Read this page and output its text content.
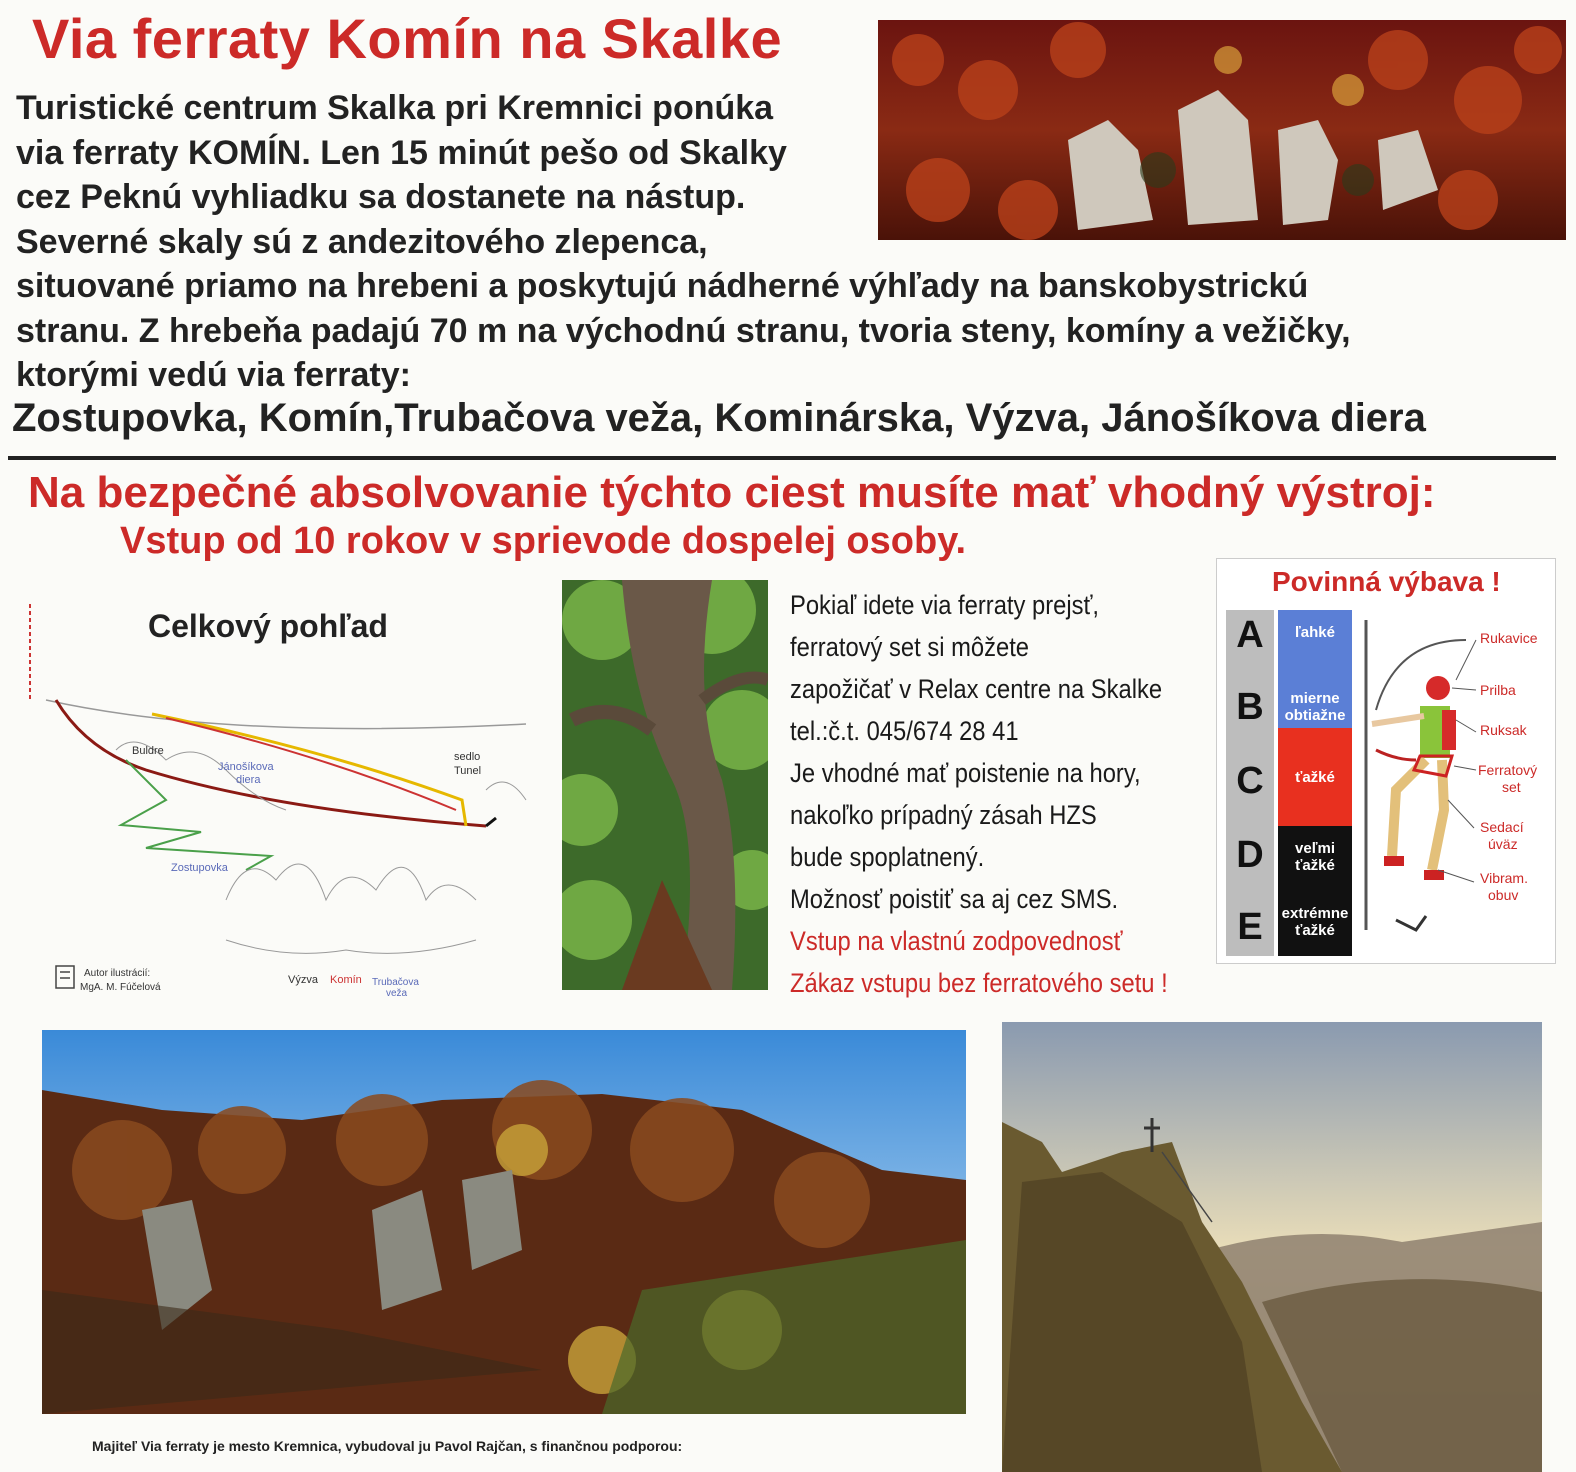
Via ferraty Komín na Skalke
Turistické centrum Skalka pri Kremnici ponúka
via ferraty KOMÍN. Len 15 minút pešo od Skalky
cez Peknú vyhliadku sa dostanete na nástup.
Severné skaly sú z andezitového zlepenca,
situované priamo na hrebeni a poskytujú nádherné výhľady na banskobystrickú
stranu. Z hrebeňa padajú 70 m na východnú stranu, tvoria steny, komíny a vežičky,
ktorými vedú via ferraty:
Zostupovka, Komín,Trubačova veža, Kominárska, Výzva, Jánošíkova diera
Na bezpečné absolvovanie týchto ciest musíte mať vhodný výstroj:
Vstup od 10 rokov v sprievode dospelej osoby.
Celkový pohľad
Buldre
Jánošíkova
diera
sedlo
Tunel
Zostupovka
Výzva Komín Trubačova
veža
Autor ilustrácií:
MgA. M. Fúčelová
Pokiaľ idete via ferraty prejsť,
ferratový set si môžete
zapožičať v Relax centre na Skalke
tel.:č.t. 045/674 28 41
Je vhodné mať poistenie na hory,
nakoľko prípadný zásah HZS
bude spoplatnený.
Možnosť poistiť sa aj cez SMS.
Vstup na vlastnú zodpovednosť
Zákaz vstupu bez ferratového setu !
Povinná výbava !
A
B
C
D
E
ľahké
mierne obtiažne
ťažké
veľmi ťažké
extrémne ťažké
Rukavice
Prilba
Ruksak
Ferratový
set
Sedací
úväz
Vibram.
obuv
Majiteľ Via ferraty je mesto Kremnica, vybudoval ju Pavol Rajčan, s finančnou podporou:
